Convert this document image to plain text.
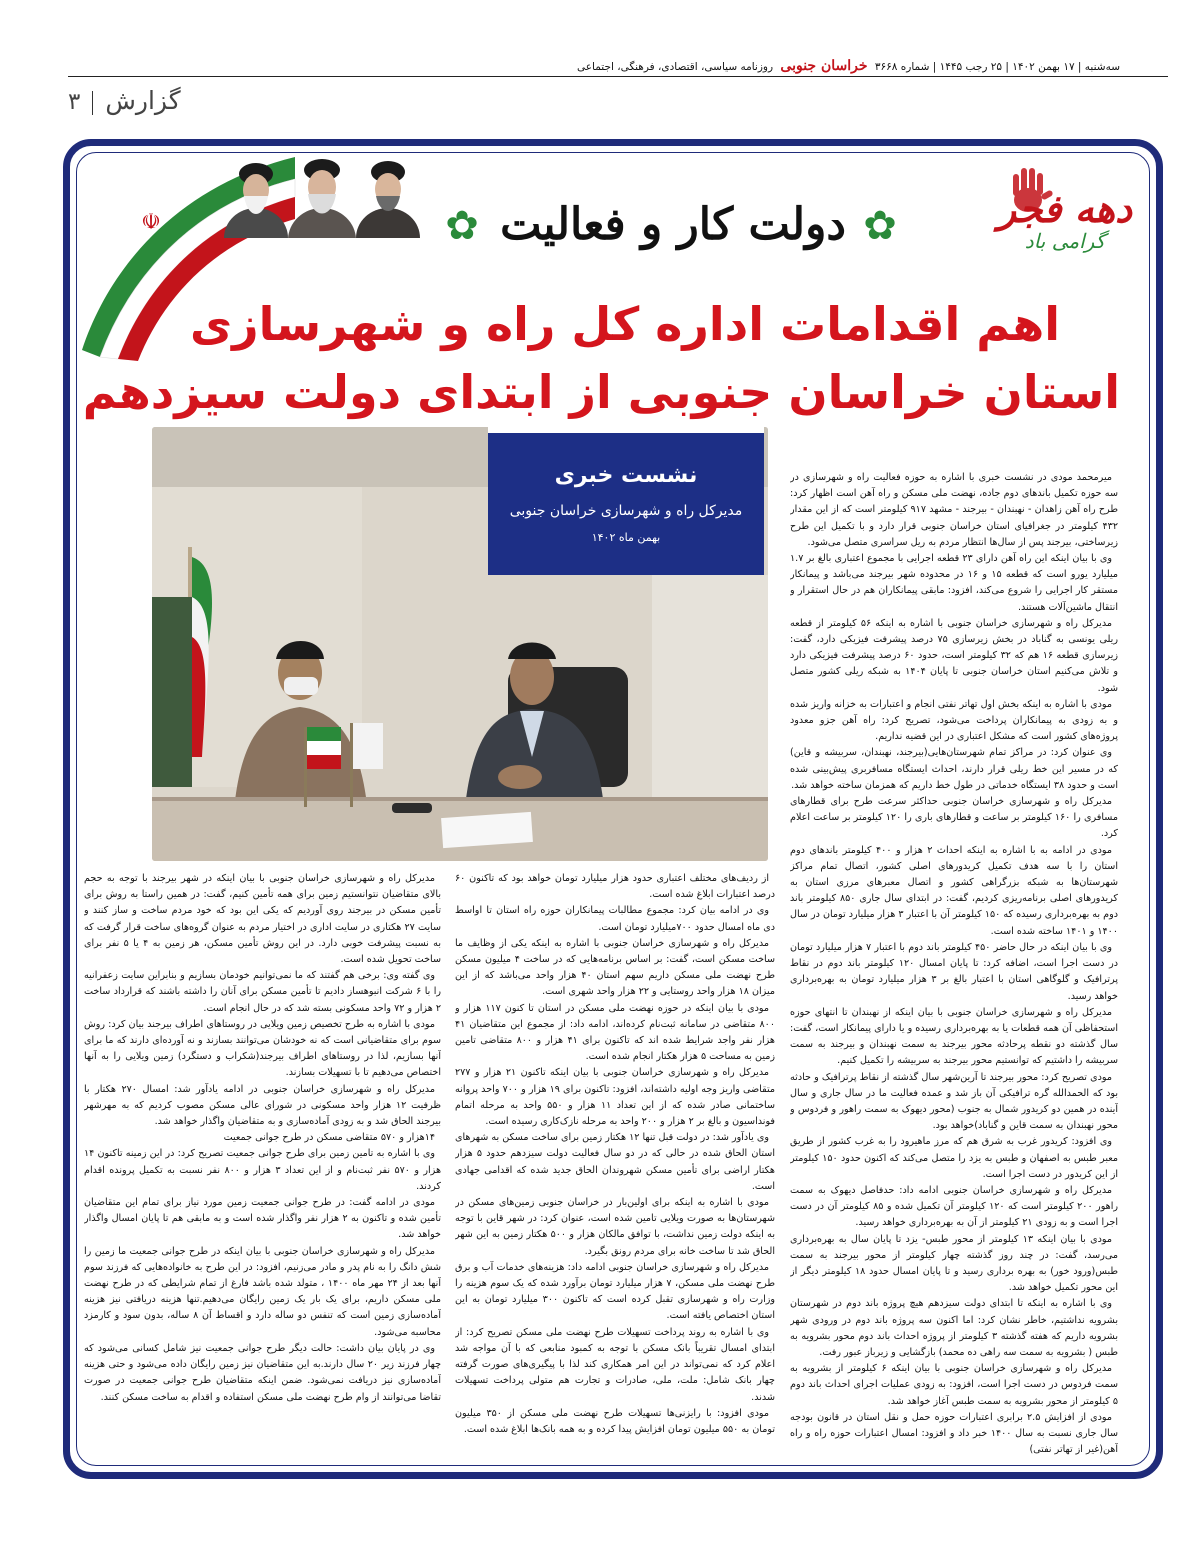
سه‌شنبه | ۱۷ بهمن ۱۴۰۲ | ۲۵ رجب ۱۴۴۵ | شماره ۳۶۶۸ خراسان جنوبی روزنامه سیاسی، اقتصادی، فرهنگی، اجتماعی
گزارش۳
☫	✿ دولت کار و فعالیت ✿	دهه فجر
گرامی باد
اهم اقدامات اداره کل راه و شهرسازی
استان خراسان جنوبی از ابتدای دولت سیزدهم
نشست خبری
مدیرکل راه و شهرسازی خراسان جنوبی
بهمن ماه ۱۴۰۲

میرمحمد مودی در نشست خبری با اشاره به حوزه فعالیت راه و شهرسازی در سه حوزه تکمیل باندهای دوم جاده، نهضت ملی مسکن و راه آهن است اظهار کرد: طرح راه آهن زاهدان - نهبندان - بیرجند - مشهد ۹۱۷ کیلومتر است که از این مقدار ۴۳۲ کیلومتر در جغرافیای استان خراسان جنوبی قرار دارد و با تکمیل این طرح زیرساختی، بیرجند پس از سال‌ها انتظار مردم به ریل سراسری متصل می‌شود.

وی با بیان اینکه این راه آهن دارای ۲۳ قطعه اجرایی با مجموع اعتباری بالغ بر ۱.۷ میلیارد یورو است که قطعه ۱۵ و ۱۶ در محدوده شهر بیرجند می‌باشد و پیمانکار مستقر کار اجرایی را شروع می‌کند، افزود: مابقی پیمانکاران هم در حال استقرار و انتقال ماشین‌آلات هستند.

مدیرکل راه و شهرسازی خراسان جنوبی با اشاره به اینکه ۵۶ کیلومتر از قطعه ریلی یونسی به گناباد در بخش زیرسازی ۷۵ درصد پیشرفت فیزیکی دارد، گفت: زیرسازی قطعه ۱۶ هم که ۳۲ کیلومتر است، حدود ۶۰ درصد پیشرفت فیزیکی دارد و تلاش می‌کنیم استان خراسان جنوبی تا پایان ۱۴۰۴ به شبکه ریلی کشور متصل شود.

مودی با اشاره به اینکه بخش اول تهاتر نفتی انجام و اعتبارات به خزانه واریز شده و به زودی به پیمانکاران پرداخت می‌شود، تصریح کرد: راه آهن جزو معدود پروژه‌های کشور است که مشکل اعتباری در این قضیه نداریم.

وی عنوان کرد: در مراکز تمام شهرستان‌هایی(بیرجند، نهبندان، سربیشه و قاین) که در مسیر این خط ریلی قرار دارند، احداث ایستگاه مسافربری پیش‌بینی شده است و حدود ۳۸ ایستگاه خدماتی در طول خط داریم که همزمان ساخته خواهد شد.

مدیرکل راه و شهرسازی خراسان جنوبی حداکثر سرعت طرح برای قطارهای مسافری را ۱۶۰ کیلومتر بر ساعت و قطارهای باری را ۱۲۰ کیلومتر بر ساعت اعلام کرد.

مودی در ادامه به با اشاره به اینکه احداث ۲ هزار و ۴۰۰ کیلومتر باندهای دوم استان را با سه هدف تکمیل کریدورهای اصلی کشور، اتصال تمام مراکز شهرستان‌ها به شبکه بزرگراهی کشور و اتصال معبرهای مرزی استان به کریدورهای اصلی برنامه‌ریزی کردیم، گفت: در ابتدای سال جاری ۸۵۰ کیلومتر باند دوم به بهره‌برداری رسیده که ۱۵۰ کیلومتر آن با اعتبار ۳ هزار میلیارد تومان در سال ۱۴۰۰ و ۱۴۰۱ ساخته شده است.

وی با بیان اینکه در حال حاضر ۴۵۰ کیلومتر باند دوم با اعتبار ۷ هزار میلیارد تومان در دست اجرا است، اضافه کرد: تا پایان امسال ۱۲۰ کیلومتر باند دوم در نقاط پرترافیک و گلوگاهی استان با اعتبار بالغ بر ۳ هزار میلیارد تومان به بهره‌برداری خواهد رسید.

مدیرکل راه و شهرسازی خراسان جنوبی با بیان اینکه از نهبندان تا انتهای حوزه استحفاظی آن همه قطعات یا به بهره‌برداری رسیده و یا دارای پیمانکار است، گفت: سال گذشته دو نقطه پرحادثه محور بیرجند به سمت نهبندان و بیرجند به سمت سربیشه را داشتیم که توانستیم محور بیرجند به سربیشه را تکمیل کنیم.

مودی تصریح کرد: محور بیرجند تا آرین‌شهر سال گذشته از نقاط پرترافیک و حادثه بود که الحمدالله گره ترافیکی آن باز شد و عمده فعالیت ما در سال جاری و سال آینده در همین دو کریدور شمال به جنوب (محور دیهوک به سمت راهور و فردوس و محور نهبندان به سمت قاین و گناباد)خواهد بود.

وی افزود: کریدور غرب به شرق هم که مرز ماهیرود را به غرب کشور از طریق معبر طبس به اصفهان و طبس به یزد را متصل می‌کند که اکنون حدود ۱۵۰ کیلومتر از این کریدور در دست اجرا است.

مدیرکل راه و شهرسازی خراسان جنوبی ادامه داد: حدفاصل دیهوک به سمت راهور ۲۰۰ کیلومتر است که ۱۲۰ کیلومتر آن تکمیل شده و ۸۵ کیلومتر آن در دست اجرا است و به زودی ۲۱ کیلومتر از آن به بهره‌برداری خواهد رسید.

مودی با بیان اینکه ۱۳ کیلومتر از محور طبس- یزد تا پایان سال به بهره‌برداری می‌رسد، گفت: در چند روز گذشته چهار کیلومتر از محور بیرجند به سمت طبس(ورود خور) به بهره برداری رسید و تا پایان امسال حدود ۱۸ کیلومتر دیگر از این محور تکمیل خواهد شد.

وی با اشاره به اینکه تا ابتدای دولت سیزدهم هیچ پروژه باند دوم در شهرستان بشرویه نداشتیم، خاطر نشان کرد: اما اکنون سه پروژه باند دوم در ورودی شهر بشرویه داریم که هفته گذشته ۳ کیلومتر از پروژه احداث باند دوم محور بشرویه به طبس ( بشرویه به سمت سه راهی ده محمد) بازگشایی و زیرباز عبور رفت.

مدیرکل راه و شهرسازی خراسان جنوبی با بیان اینکه ۶ کیلومتر از بشرویه به سمت فردوس در دست اجرا است، افزود: به زودی عملیات اجرای احداث باند دوم ۵ کیلومتر از محور بشرویه به سمت طبس آغاز خواهد شد.

مودی از افزایش ۲.۵ برابری اعتبارات حوزه حمل و نقل استان در قانون بودجه سال جاری نسبت به سال ۱۴۰۰ خبر داد و افزود: امسال اعتبارات حوزه راه و راه آهن(غیر از تهاتر نفتی)

از ردیف‌های مختلف اعتباری حدود هزار میلیارد تومان خواهد بود که تاکنون ۶۰ درصد اعتبارات ابلاغ شده است.

وی در ادامه بیان کرد: مجموع مطالبات پیمانکاران حوزه راه استان تا اواسط دی ماه امسال حدود ۷۰۰میلیارد تومان است.

مدیرکل راه و شهرسازی خراسان جنوبی با اشاره به اینکه یکی از وظایف ما ساخت مسکن است، گفت: بر اساس برنامه‌هایی که در ساخت ۴ میلیون مسکن طرح نهضت ملی مسکن داریم سهم استان ۴۰ هزار واحد می‌باشد که از این میزان ۱۸ هزار واحد روستایی و ۲۲ هزار واحد شهری است.

مودی با بیان اینکه در حوزه نهضت ملی مسکن در استان تا کنون ۱۱۷ هزار و ۸۰۰ متقاضی در سامانه ثبت‌نام کرده‌اند، ادامه داد: از مجموع این متقاضیان ۴۱ هزار نفر واجد شرایط شده اند که تاکنون برای ۴۱ هزار و ۸۰۰ متقاضی تامین زمین به مساحت ۵ هزار هکتار انجام شده است.

مدیرکل راه و شهرسازی خراسان جنوبی با بیان اینکه تاکنون ۲۱ هزار و ۲۷۷ متقاضی واریز وجه اولیه داشته‌اند، افزود: تاکنون برای ۱۹ هزار و ۷۰۰ واحد پروانه ساختمانی صادر شده که از این تعداد ۱۱ هزار و ۵۵۰ واحد به مرحله اتمام فونداسیون و بالغ بر ۲ هزار و ۲۰۰ واحد به مرحله نازک‌کاری رسیده است.

وی یادآور شد: در دولت قبل تنها ۱۲ هکتار زمین برای ساخت مسکن به شهرهای استان الحاق شده در حالی که در دو سال فعالیت دولت سیزدهم حدود ۵ هزار هکتار اراضی برای تأمین مسکن شهروندان الحاق جدید شده که اقدامی جهادی است.

مودی با اشاره به اینکه برای اولین‌بار در خراسان جنوبی زمین‌های مسکن در شهرستان‌ها به صورت ویلایی تامین شده است، عنوان کرد: در شهر قاین با توجه به اینکه دولت زمین نداشت، با توافق مالکان هزار و ۵۰۰ هکتار زمین به این شهر الحاق شد تا ساخت خانه برای مردم رونق بگیرد.

مدیرکل راه و شهرسازی خراسان جنوبی ادامه داد: هزینه‌های خدمات آب و برق طرح نهضت ملی مسکن، ۷ هزار میلیارد تومان برآورد شده که یک سوم هزینه را وزارت راه و شهرسازی تقبل کرده است که تاکنون ۳۰۰ میلیارد تومان به این استان اختصاص یافته است.

وی با اشاره به روند پرداخت تسهیلات طرح نهضت ملی مسکن تصریح کرد: از ابتدای امسال تقریباً بانک مسکن با توجه به کمبود منابعی که با آن مواجه شد اعلام کرد که نمی‌تواند در این امر همکاری کند لذا با پیگیری‌های صورت گرفته چهار بانک شامل: ملت، ملی، صادرات و تجارت هم متولی پرداخت تسهیلات شدند.

مودی افزود: با رایزنی‌ها تسهیلات طرح نهضت ملی مسکن از ۳۵۰ میلیون تومان به ۵۵۰ میلیون تومان افزایش پیدا کرده و به همه بانک‌ها ابلاغ شده است.

مدیرکل راه و شهرسازی خراسان جنوبی با بیان اینکه در شهر بیرجند با توجه به حجم بالای متقاضیان نتوانستیم زمین برای همه تأمین کنیم، گفت: در همین راستا به روش برای تأمین مسکن در بیرجند روی آوردیم که یکی این بود که خود مردم ساخت و ساز کنند و سایت ۲۷ هکتاری در سایت اداری در اختیار مردم به عنوان گروه‌های ساخت قرار گرفت که به نسبت پیشرفت خوبی دارد. در این روش تأمین مسکن، هر زمین به ۴ یا ۵ نفر برای ساخت تحویل شده است.

وی گفته وی: برخی هم گفتند که ما نمی‌توانیم خودمان بسازیم و بنابراین سایت زعفرانیه را با ۶ شرکت انبوهساز دادیم تا تأمین مسکن برای آنان را داشته باشند که قرارداد ساخت ۲ هزار و ۷۲ واحد مسکونی بسته شد که در حال انجام است.

مودی با اشاره به طرح تخصیص زمین ویلایی در روستاهای اطراف بیرجند بیان کرد: روش سوم برای متقاضیانی است که نه خودشان می‌توانند بسازند و نه آورده‌ای دارند که ما برای آنها بسازیم، لذا در روستاهای اطراف بیرجند(شکراب و دستگرد) زمین ویلایی را به آنها اختصاص می‌دهیم تا با تسهیلات بسازند.

مدیرکل راه و شهرسازی خراسان جنوبی در ادامه یادآور شد: امسال ۲۷۰ هکتار با ظرفیت ۱۲ هزار واحد مسکونی در شورای عالی مسکن مصوب کردیم که به مهرشهر بیرجند الحاق شد و به زودی آماده‌سازی و به متقاضیان واگذار خواهد شد.

۱۴هزار و ۵۷۰ متقاضی مسکن در طرح جوانی جمعیت

وی با اشاره به تامین زمین برای طرح جوانی جمعیت تصریح کرد: در این زمینه تاکنون ۱۴ هزار و ۵۷۰ نفر ثبت‌نام و از این تعداد ۳ هزار و ۸۰۰ نفر نسبت به تکمیل پرونده اقدام کردند.

مودی در ادامه گفت: در طرح جوانی جمعیت زمین مورد نیاز برای تمام این متقاضیان تأمین شده و تاکنون به ۲ هزار نفر واگذار شده است و به مابقی هم تا پایان امسال واگذار خواهد شد.

مدیرکل راه و شهرسازی خراسان جنوبی با بیان اینکه در طرح جوانی جمعیت ما زمین را شش دانگ را به نام پدر و مادر می‌زنیم، افزود: در این طرح به خانواده‌هایی که فرزند سوم آنها بعد از ۲۴ مهر ماه ۱۴۰۰ ، متولد شده باشد فارغ از تمام شرایطی که در طرح نهضت ملی مسکن داریم، برای یک بار یک زمین رایگان می‌دهیم.تنها هزینه دریافتی نیز هزینه آماده‌سازی زمین است که تنفس دو ساله دارد و اقساط آن ۸ ساله، بدون سود و کارمزد محاسبه می‌شود.

وی در پایان بیان داشت: حالت دیگر طرح جوانی جمعیت نیز شامل کسانی می‌شود که چهار فرزند زیر ۲۰ سال دارند.به این متقاضیان نیز زمین رایگان داده می‌شود و حتی هزینه آماده‌سازی نیز دریافت نمی‌شود. ضمن اینکه متقاضیان طرح جوانی جمعیت در صورت تقاضا می‌توانند از وام طرح نهضت ملی مسکن استفاده و اقدام به ساخت مسکن کنند.
